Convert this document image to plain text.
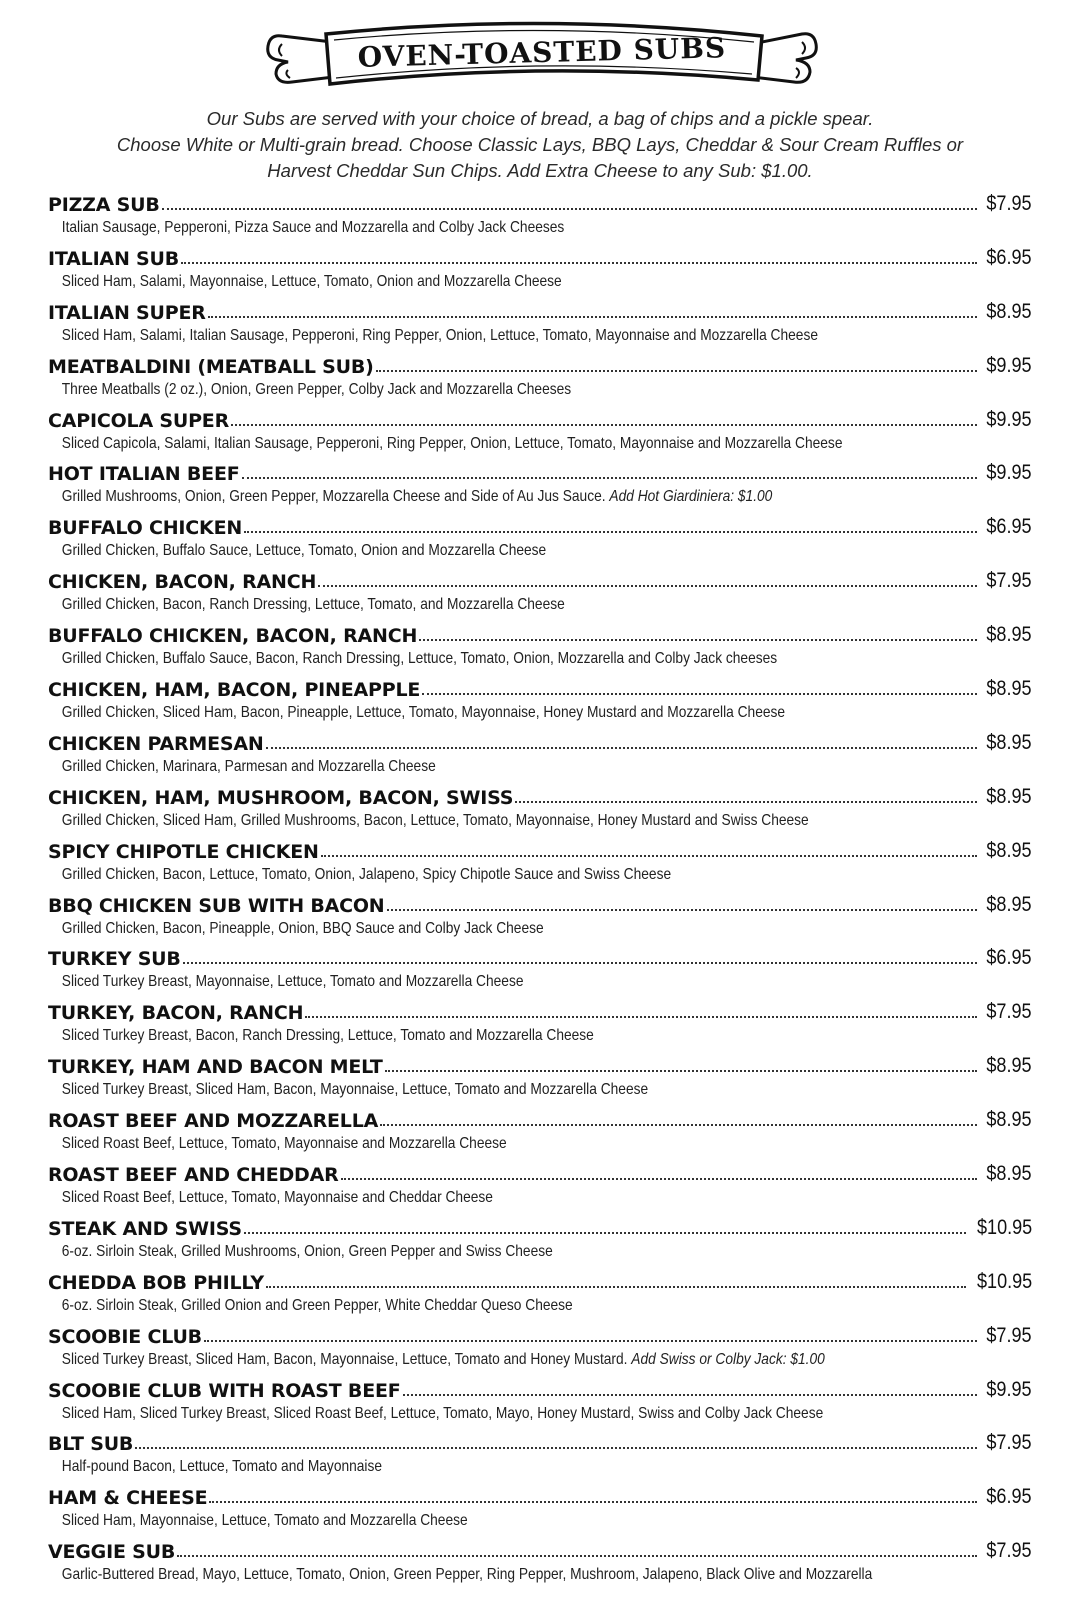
OVEN-TOASTED SUBS
Our Subs are served with your choice of bread, a bag of chips and a pickle spear.
Choose White or Multi-grain bread. Choose Classic Lays, BBQ Lays, Cheddar & Sour Cream Ruffles or
Harvest Cheddar Sun Chips. Add Extra Cheese to any Sub: $1.00.
PIZZA SUB	$7.95
Italian Sausage, Pepperoni, Pizza Sauce and Mozzarella and Colby Jack Cheeses
ITALIAN SUB	$6.95
Sliced Ham, Salami, Mayonnaise, Lettuce, Tomato, Onion and Mozzarella Cheese
ITALIAN SUPER	$8.95
Sliced Ham, Salami, Italian Sausage, Pepperoni, Ring Pepper, Onion, Lettuce, Tomato, Mayonnaise and Mozzarella Cheese
MEATBALDINI (MEATBALL SUB)	$9.95
Three Meatballs (2 oz.), Onion, Green Pepper, Colby Jack and Mozzarella Cheeses
CAPICOLA SUPER	$9.95
Sliced Capicola, Salami, Italian Sausage, Pepperoni, Ring Pepper, Onion, Lettuce, Tomato, Mayonnaise and Mozzarella Cheese
HOT ITALIAN BEEF	$9.95
Grilled Mushrooms, Onion, Green Pepper, Mozzarella Cheese and Side of Au Jus Sauce. Add Hot Giardiniera: $1.00
BUFFALO CHICKEN	$6.95
Grilled Chicken, Buffalo Sauce, Lettuce, Tomato, Onion and Mozzarella Cheese
CHICKEN, BACON, RANCH	$7.95
Grilled Chicken, Bacon, Ranch Dressing, Lettuce, Tomato, and Mozzarella Cheese
BUFFALO CHICKEN, BACON, RANCH	$8.95
Grilled Chicken, Buffalo Sauce, Bacon, Ranch Dressing, Lettuce, Tomato, Onion, Mozzarella and Colby Jack cheeses
CHICKEN, HAM, BACON, PINEAPPLE	$8.95
Grilled Chicken, Sliced Ham, Bacon, Pineapple, Lettuce, Tomato, Mayonnaise, Honey Mustard and Mozzarella Cheese
CHICKEN PARMESAN	$8.95
Grilled Chicken, Marinara, Parmesan and Mozzarella Cheese
CHICKEN, HAM, MUSHROOM, BACON, SWISS	$8.95
Grilled Chicken, Sliced Ham, Grilled Mushrooms, Bacon, Lettuce, Tomato, Mayonnaise, Honey Mustard and Swiss Cheese
SPICY CHIPOTLE CHICKEN	$8.95
Grilled Chicken, Bacon, Lettuce, Tomato, Onion, Jalapeno, Spicy Chipotle Sauce and Swiss Cheese
BBQ CHICKEN SUB WITH BACON	$8.95
Grilled Chicken, Bacon, Pineapple, Onion, BBQ Sauce and Colby Jack Cheese
TURKEY SUB	$6.95
Sliced Turkey Breast, Mayonnaise, Lettuce, Tomato and Mozzarella Cheese
TURKEY, BACON, RANCH	$7.95
Sliced Turkey Breast, Bacon, Ranch Dressing, Lettuce, Tomato and Mozzarella Cheese
TURKEY, HAM AND BACON MELT	$8.95
Sliced Turkey Breast, Sliced Ham, Bacon, Mayonnaise, Lettuce, Tomato and Mozzarella Cheese
ROAST BEEF AND MOZZARELLA	$8.95
Sliced Roast Beef, Lettuce, Tomato, Mayonnaise and Mozzarella Cheese
ROAST BEEF AND CHEDDAR	$8.95
Sliced Roast Beef, Lettuce, Tomato, Mayonnaise and Cheddar Cheese
STEAK AND SWISS	$10.95
6-oz. Sirloin Steak, Grilled Mushrooms, Onion, Green Pepper and Swiss Cheese
CHEDDA BOB PHILLY	$10.95
6-oz. Sirloin Steak, Grilled Onion and Green Pepper, White Cheddar Queso Cheese
SCOOBIE CLUB	$7.95
Sliced Turkey Breast, Sliced Ham, Bacon, Mayonnaise, Lettuce, Tomato and Honey Mustard. Add Swiss or Colby Jack: $1.00
SCOOBIE CLUB WITH ROAST BEEF	$9.95
Sliced Ham, Sliced Turkey Breast, Sliced Roast Beef, Lettuce, Tomato, Mayo, Honey Mustard, Swiss and Colby Jack Cheese
BLT SUB	$7.95
Half-pound Bacon, Lettuce, Tomato and Mayonnaise
HAM & CHEESE	$6.95
Sliced Ham, Mayonnaise, Lettuce, Tomato and Mozzarella Cheese
VEGGIE SUB	$7.95
Garlic-Buttered Bread, Mayo, Lettuce, Tomato, Onion, Green Pepper, Ring Pepper, Mushroom, Jalapeno, Black Olive and Mozzarella
